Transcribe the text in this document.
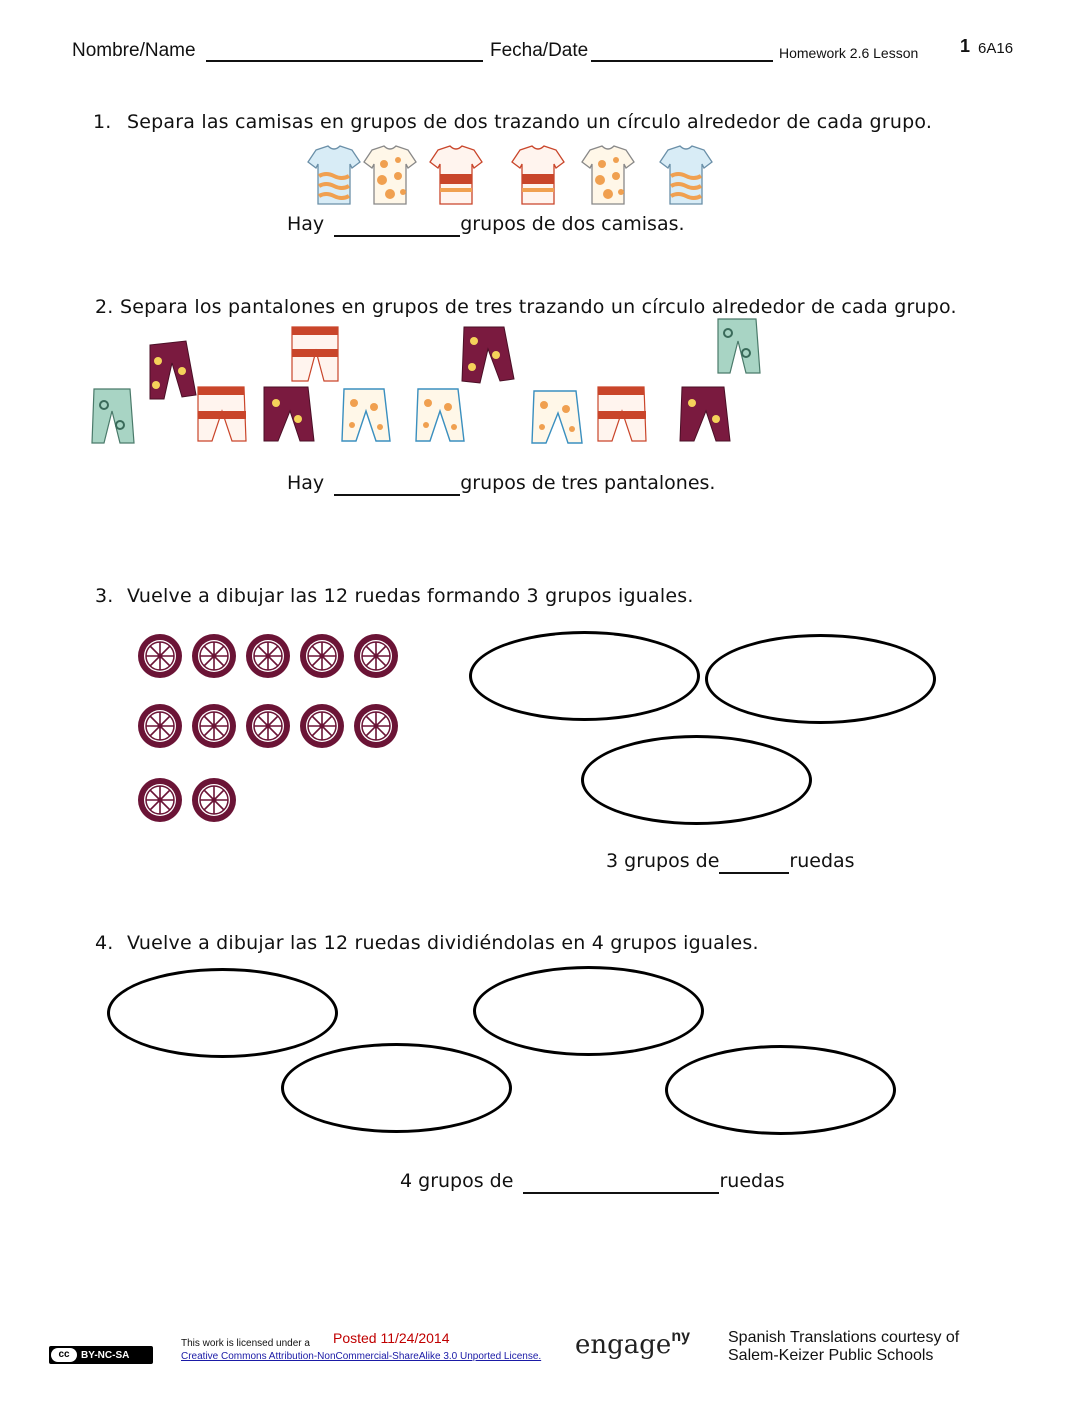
Nombre/Name	Fecha/Date	Homework 2.6 Lesson 1 6A16
1. Separa las camisas en grupos de dos trazando un círculo alrededor de cada grupo.
Hay	grupos de dos camisas.
2. Separa los pantalones en grupos de tres trazando un círculo alrededor de cada grupo.
Hay	grupos de tres pantalones.
3. Vuelve a dibujar las 12 ruedas formando 3 grupos iguales.
3 grupos de	ruedas
4. Vuelve a dibujar las 12 ruedas dividiéndolas en 4 grupos iguales.
4 grupos de	ruedas
cc	BY-NC-SA
This work is licensed under a Posted 11/24/2014
Creative Commons Attribution-NonCommercial-ShareAlike 3.0 Unported License. engage$^{ny}$ Spanish Translations courtesy of
Salem-Keizer Public Schools
